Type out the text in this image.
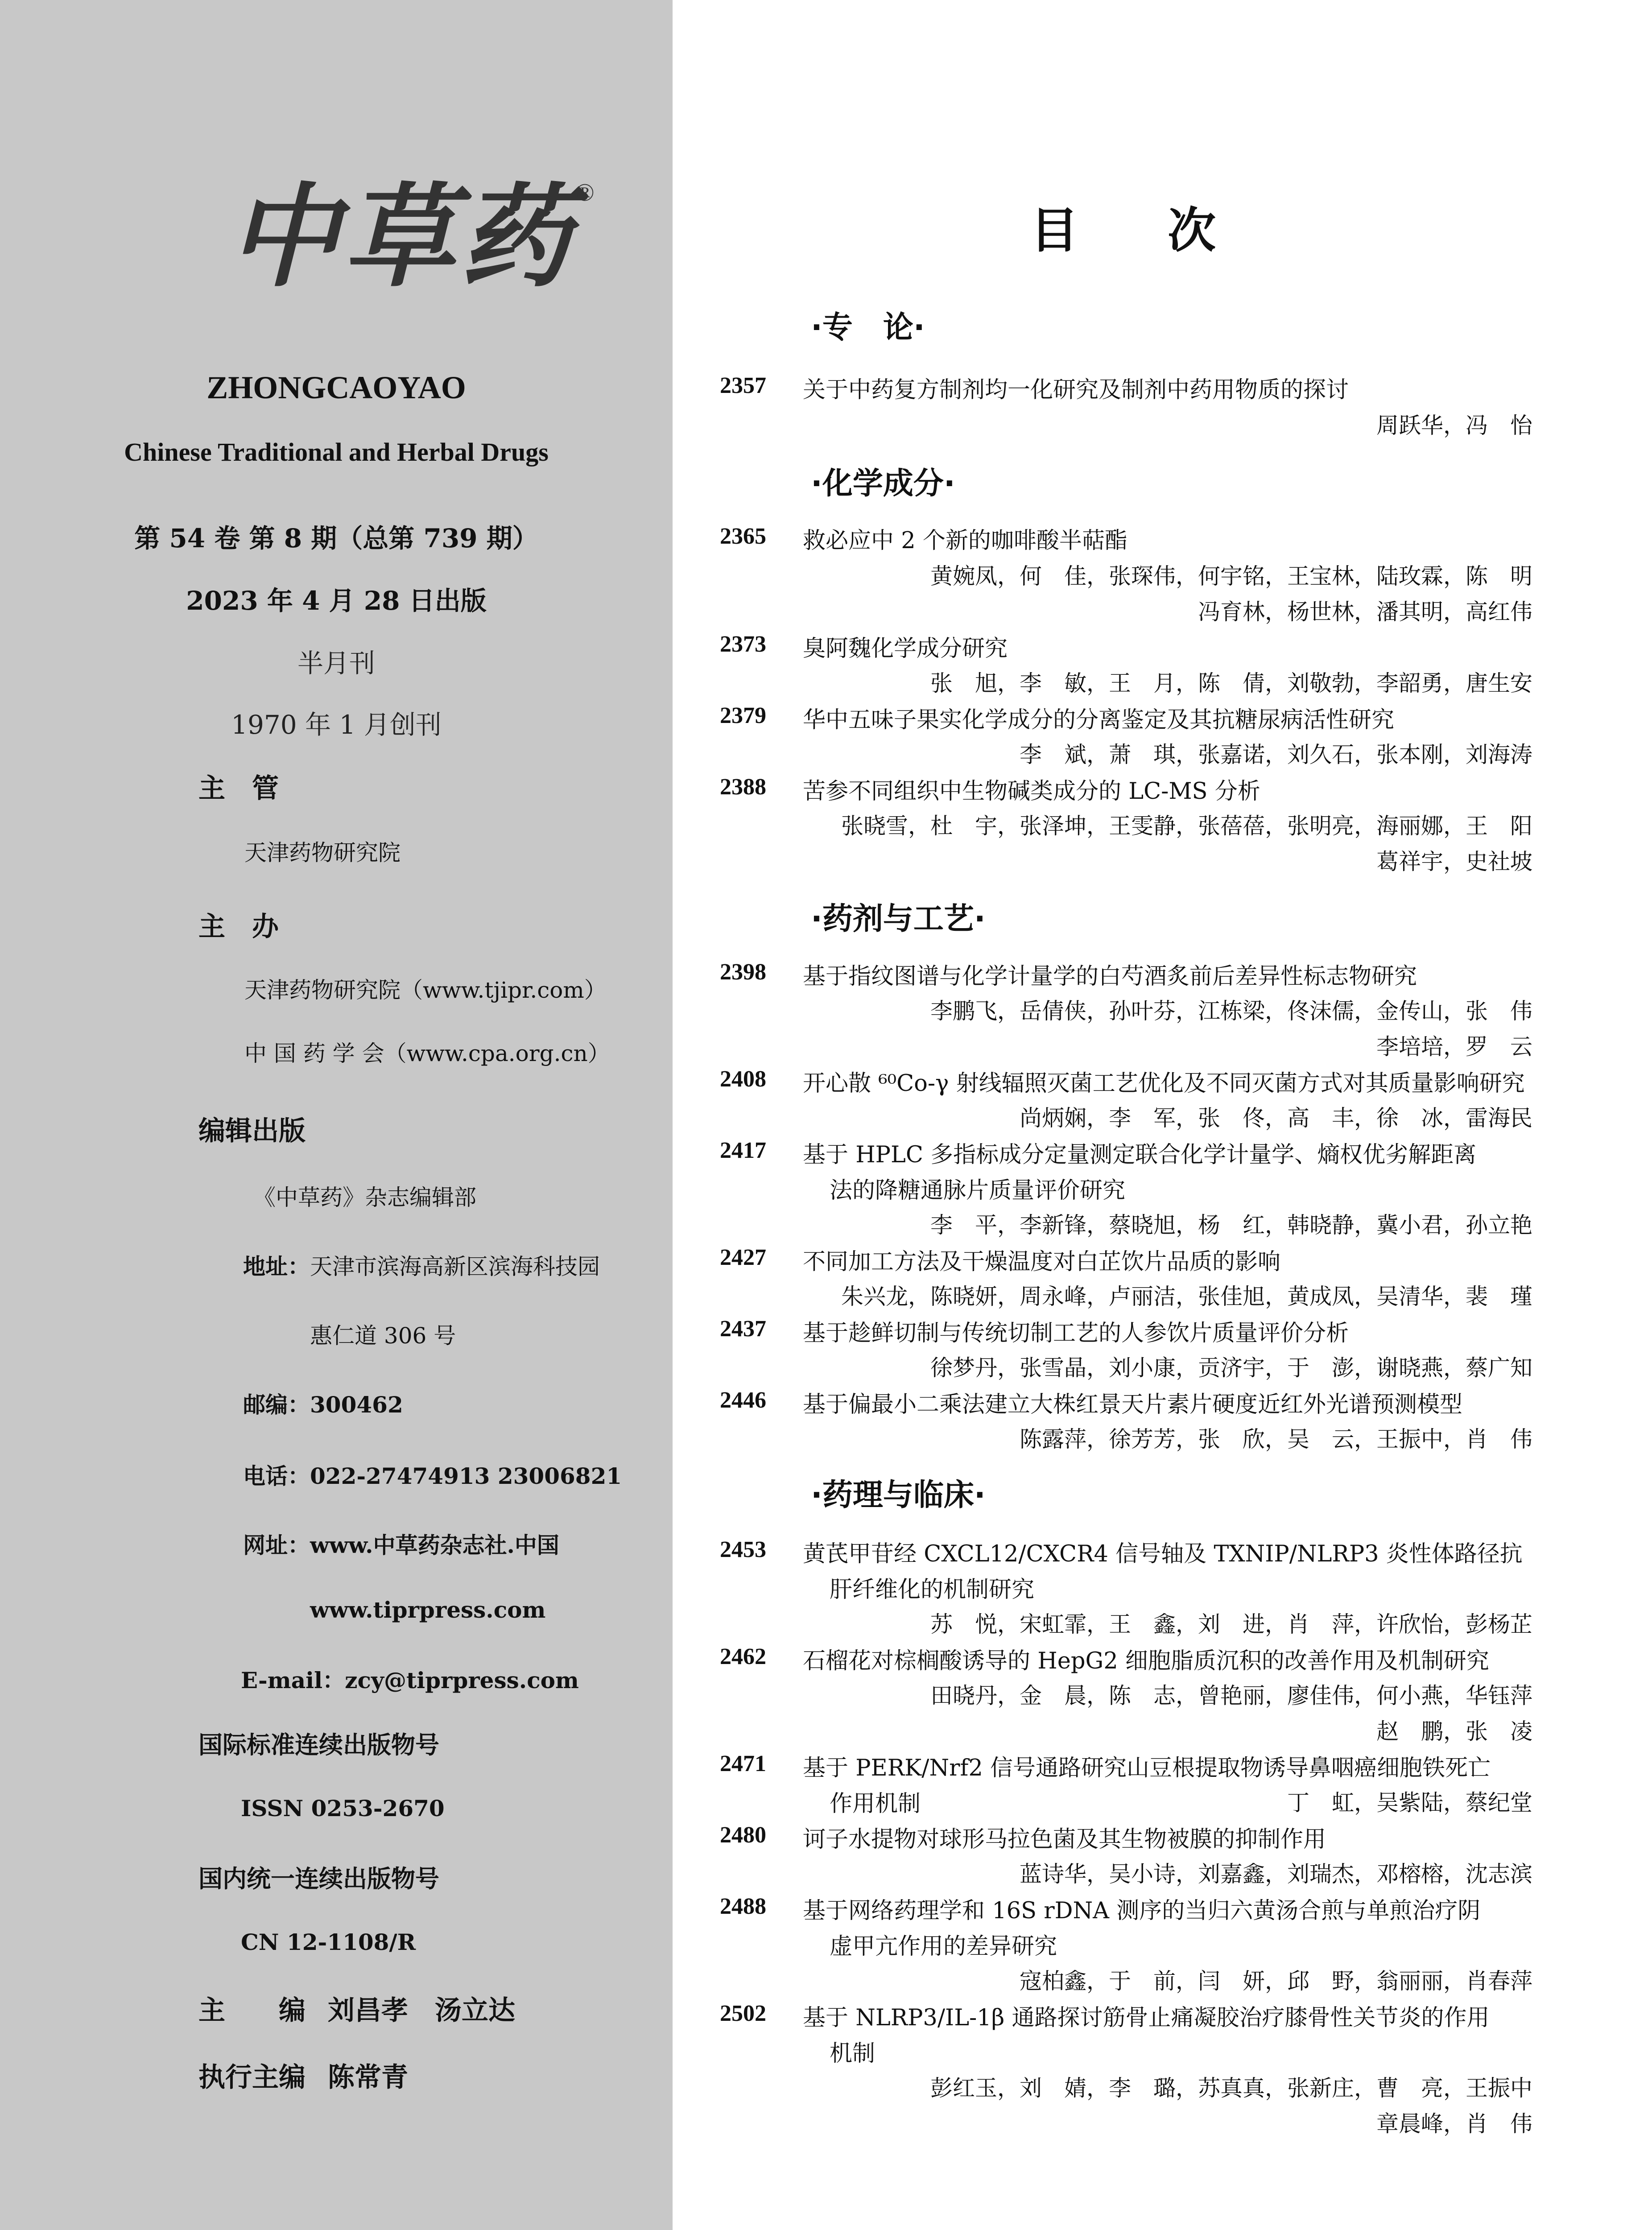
中 草 药 ®
ZHONGCAOYAO
Chinese Traditional and Herbal Drugs
第 54 卷 第 8 期（总第 739 期）
2023 年 4 月 28 日出版
半月刊
1970 年 1 月创刊
主　管
天津药物研究院
主　办
天津药物研究院（www.tjipr.com）
中 国 药 学 会（www.cpa.org.cn）
编辑出版
《中草药》杂志编辑部
地址：天津市滨海高新区滨海科技园
惠仁道 306 号
邮编：300462
电话：022-27474913 23006821
网址：www.中草药杂志社.中国
www.tiprpress.com
E-mail：zcy@tiprpress.com
国际标准连续出版物号
ISSN 0253-2670
国内统一连续出版物号
CN 12-1108/R
主　　编 刘昌孝　汤立达
执行主编 陈常青
目次
·专　论·
2357 关于中药复方制剂均一化研究及制剂中药用物质的探讨
周跃华，冯　怡
·化学成分·
2365 救必应中 2 个新的咖啡酸半萜酯
黄婉凤，何　佳，张琛伟，何宇铭，王宝林，陆玫霖，陈　明
冯育林，杨世林，潘其明，高红伟
2373 臭阿魏化学成分研究
张　旭，李　敏，王　月，陈　倩，刘敬勃，李韶勇，唐生安
2379 华中五味子果实化学成分的分离鉴定及其抗糖尿病活性研究
李　斌，萧　琪，张嘉诺，刘久石，张本刚，刘海涛
2388 苦参不同组织中生物碱类成分的 LC-MS 分析
张晓雪，杜　宇，张泽坤，王雯静，张蓓蓓，张明亮，海丽娜，王　阳
葛祥宇，史社坡
·药剂与工艺·
2398 基于指纹图谱与化学计量学的白芍酒炙前后差异性标志物研究
李鹏飞，岳倩侠，孙叶芬，江栋梁，佟沫儒，金传山，张　伟
李培培，罗　云
2408 开心散 ⁶⁰Co-γ 射线辐照灭菌工艺优化及不同灭菌方式对其质量影响研究
尚炳娴，李　军，张　佟，高　丰，徐　冰，雷海民
2417 基于 HPLC 多指标成分定量测定联合化学计量学、熵权优劣解距离
法的降糖通脉片质量评价研究
李　平，李新锋，蔡晓旭，杨　红，韩晓静，冀小君，孙立艳
2427 不同加工方法及干燥温度对白芷饮片品质的影响
朱兴龙，陈晓妍，周永峰，卢丽洁，张佳旭，黄成凤，吴清华，裴　瑾
2437 基于趁鲜切制与传统切制工艺的人参饮片质量评价分析
徐梦丹，张雪晶，刘小康，贡济宇，于　澎，谢晓燕，蔡广知
2446 基于偏最小二乘法建立大株红景天片素片硬度近红外光谱预测模型
陈露萍，徐芳芳，张　欣，吴　云，王振中，肖　伟
·药理与临床·
2453 黄芪甲苷经 CXCL12/CXCR4 信号轴及 TXNIP/NLRP3 炎性体路径抗
肝纤维化的机制研究
苏　悦，宋虹霏，王　鑫，刘　进，肖　萍，许欣怡，彭杨芷
2462 石榴花对棕榈酸诱导的 HepG2 细胞脂质沉积的改善作用及机制研究
田晓丹，金　晨，陈　志，曾艳丽，廖佳伟，何小燕，华钰萍
赵　鹏，张　凌
2471 基于 PERK/Nrf2 信号通路研究山豆根提取物诱导鼻咽癌细胞铁死亡
作用机制	丁　虹，吴紫陆，蔡纪堂
2480 诃子水提物对球形马拉色菌及其生物被膜的抑制作用
蓝诗华，吴小诗，刘嘉鑫，刘瑞杰，邓榕榕，沈志滨
2488 基于网络药理学和 16S rDNA 测序的当归六黄汤合煎与单煎治疗阴
虚甲亢作用的差异研究
寇柏鑫，于　前，闫　妍，邱　野，翁丽丽，肖春萍
2502 基于 NLRP3/IL-1β 通路探讨筋骨止痛凝胶治疗膝骨性关节炎的作用
机制
彭红玉，刘　婧，李　璐，苏真真，张新庄，曹　亮，王振中
章晨峰，肖　伟
